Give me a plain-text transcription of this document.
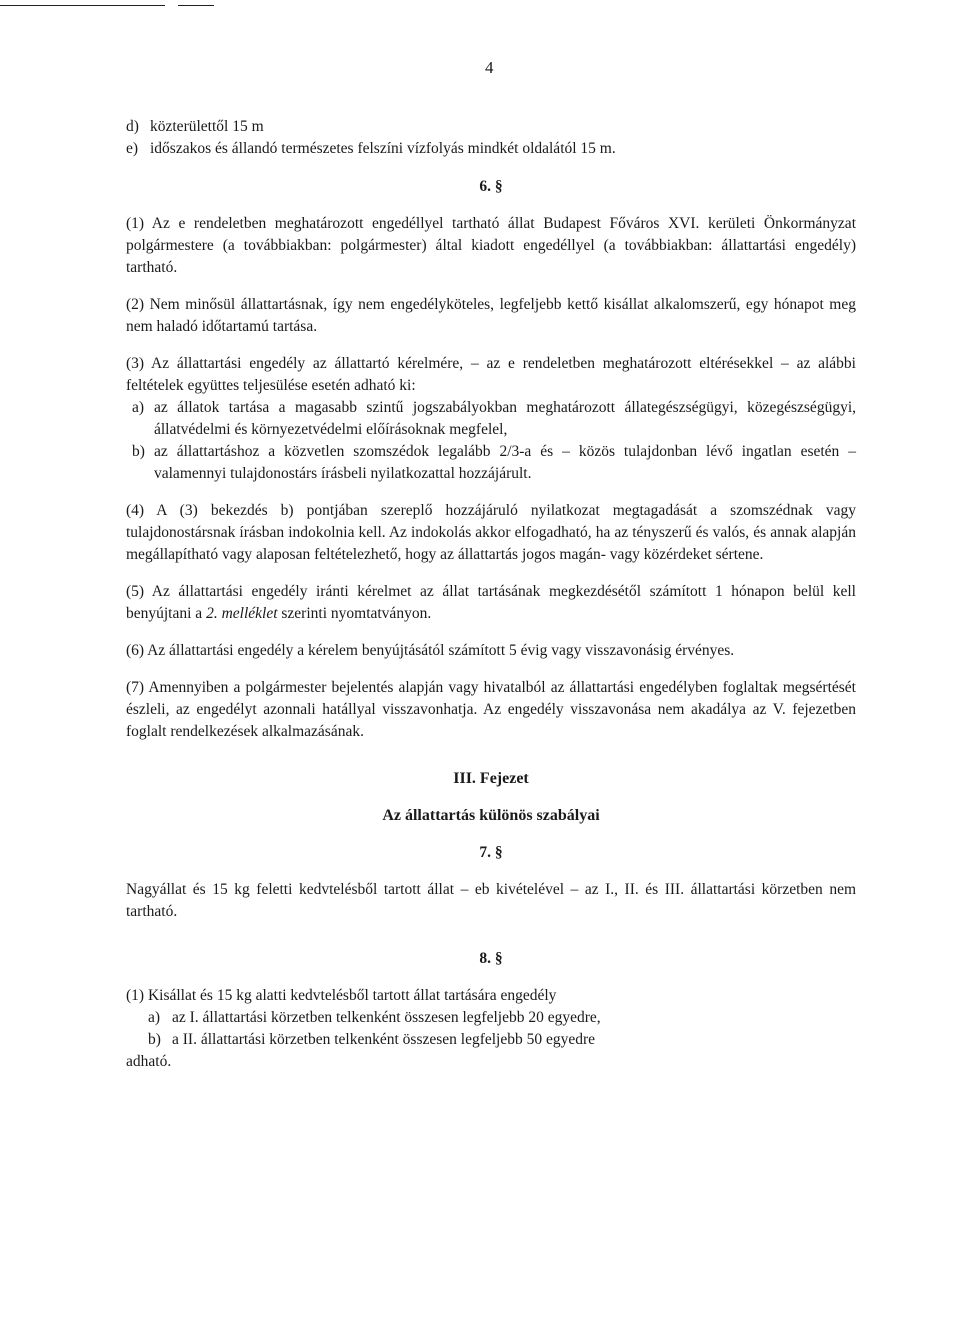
4
d) közterülettől 15 m
e) időszakos és állandó természetes felszíni vízfolyás mindkét oldalától 15 m.
6. §

(1) Az e rendeletben meghatározott engedéllyel tartható állat Budapest Főváros XVI. kerületi Önkormányzat polgármestere (a továbbiakban: polgármester) által kiadott engedéllyel (a továbbiakban: állattartási engedély) tartható.

(2) Nem minősül állattartásnak, így nem engedélyköteles, legfeljebb kettő kisállat alkalomszerű, egy hónapot meg nem haladó időtartamú tartása.

(3) Az állattartási engedély az állattartó kérelmére, – az e rendeletben meghatározott eltérésekkel – az alábbi feltételek együttes teljesülése esetén adható ki:

a) az állatok tartása a magasabb szintű jogszabályokban meghatározott állategészségügyi, közegészségügyi, állatvédelmi és környezetvédelmi előírásoknak megfelel,
b) az állattartáshoz a közvetlen szomszédok legalább 2/3-a és – közös tulajdonban lévő ingatlan esetén – valamennyi tulajdonostárs írásbeli nyilatkozattal hozzájárult.

(4) A (3) bekezdés b) pontjában szereplő hozzájáruló nyilatkozat megtagadását a szomszédnak vagy tulajdonostársnak írásban indokolnia kell. Az indokolás akkor elfogadható, ha az tényszerű és valós, és annak alapján megállapítható vagy alaposan feltételezhető, hogy az állattartás jogos magán- vagy közérdeket sértene.

(5) Az állattartási engedély iránti kérelmet az állat tartásának megkezdésétől számított 1 hónapon belül kell benyújtani a 2. melléklet szerinti nyomtatványon.

(6) Az állattartási engedély a kérelem benyújtásától számított 5 évig vagy visszavonásig érvényes.

(7) Amennyiben a polgármester bejelentés alapján vagy hivatalból az állattartási engedélyben foglaltak megsértését észleli, az engedélyt azonnali hatállyal visszavonhatja. Az engedély visszavonása nem akadálya az V. fejezetben foglalt rendelkezések alkalmazásának.

III. Fejezet
Az állattartás különös szabályai
7. §

Nagyállat és 15 kg feletti kedvtelésből tartott állat – eb kivételével – az I., II. és III. állattartási körzetben nem tartható.

8. §

(1) Kisállat és 15 kg alatti kedvtelésből tartott állat tartására engedély

a) az I. állattartási körzetben telkenként összesen legfeljebb 20 egyedre,
b) a II. állattartási körzetben telkenként összesen legfeljebb 50 egyedre
adható.
